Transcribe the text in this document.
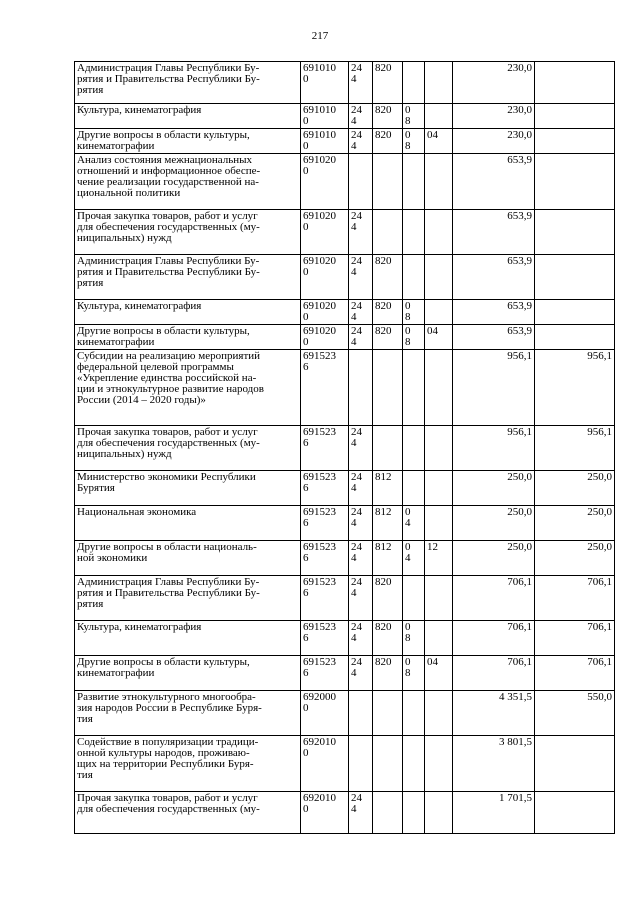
217
Администрация Главы Республики Бу-
рятия и Правительства Республики Бу-
рятия	691010
0	24
4	820			230,0	

Культура, кинематография	691010
0	24
4	820	0
8		230,0	

Другие вопросы в области культуры,
кинематографии	691010
0	24
4	820	0
8	04	230,0	

Анализ состояния межнациональных
отношений и информационное обеспе-
чение реализации государственной на-
циональной политики	691020
0					653,9	

Прочая закупка товаров, работ и услуг
для обеспечения государственных (му-
ниципальных) нужд	691020
0	24
4				653,9	

Администрация Главы Республики Бу-
рятия и Правительства Республики Бу-
рятия	691020
0	24
4	820			653,9	

Культура, кинематография	691020
0	24
4	820	0
8		653,9	

Другие вопросы в области культуры,
кинематографии	691020
0	24
4	820	0
8	04	653,9	

Субсидии на реализацию мероприятий
федеральной целевой программы
«Укрепление единства российской на-
ции и этнокультурное развитие народов
России (2014 – 2020 годы)»	691523
6					956,1	956,1

Прочая закупка товаров, работ и услуг
для обеспечения государственных (му-
ниципальных) нужд	691523
6	24
4				956,1	956,1

Министерство экономики Республики
Бурятия	691523
6	24
4	812			250,0	250,0

Национальная экономика	691523
6	24
4	812	0
4		250,0	250,0

Другие вопросы в области националь-
ной экономики	691523
6	24
4	812	0
4	12	250,0	250,0

Администрация Главы Республики Бу-
рятия и Правительства Республики Бу-
рятия	691523
6	24
4	820			706,1	706,1

Культура, кинематография	691523
6	24
4	820	0
8		706,1	706,1

Другие вопросы в области культуры,
кинематографии	691523
6	24
4	820	0
8	04	706,1	706,1

Развитие этнокультурного многообра-
зия народов России в Республике Буря-
тия	692000
0					4 351,5	550,0

Содействие в популяризации традици-
онной культуры народов, проживаю-
щих на территории Республики Буря-
тия	692010
0					3 801,5	

Прочая закупка товаров, работ и услуг
для обеспечения государственных (му-	692010
0	24
4				1 701,5	
